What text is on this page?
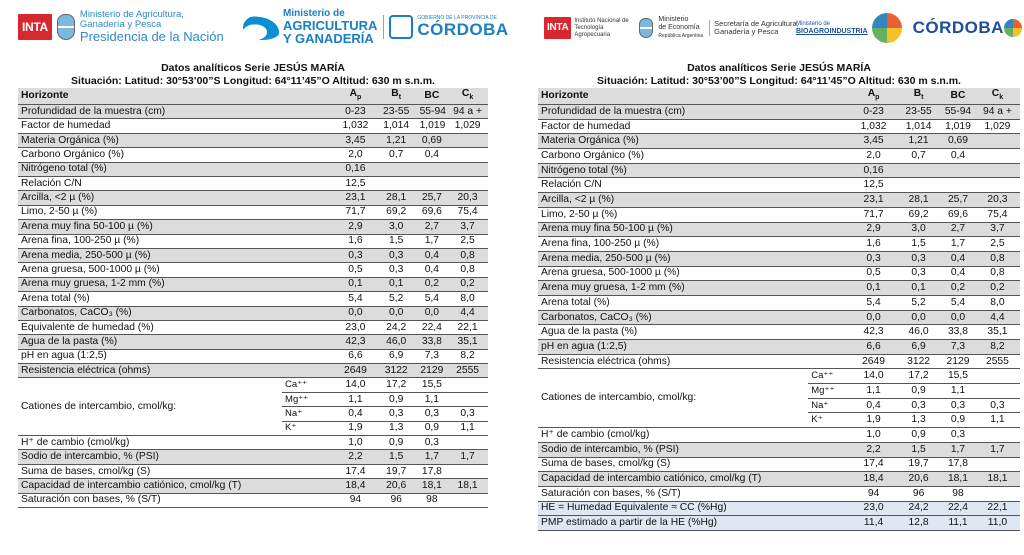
INTA
Ministerio de Agricultura,
Ganadería y Pesca
Presidencia de la Nación
Ministerio de
AGRICULTURA
Y GANADERÍA
GOBIERNO DE LA PROVINCIA DE
CÓRDOBA
Datos analíticos Serie JESÚS MARÍA
Situación: Latitud: 30°53’00”S Longitud: 64°11’45”O Altitud: 630 m s.n.m.
Horizonte		$A_p$	$B_t$	BC	$C_k$
Profundidad de la muestra (cm)		0-23	23-55	55-94	94 a +
Factor de humedad		1,032	1,014	1,019	1,029
Materia Orgánica (%)		3,45	1,21	0,69	
Carbono Orgánico (%)		2,0	0,7	0,4	
Nitrógeno total (%)		0,16			
Relación C/N		12,5			
Arcilla, <2 µ (%)		23,1	28,1	25,7	20,3
Limo, 2-50 µ (%)		71,7	69,2	69,6	75,4
Arena muy fina 50-100 µ (%)		2,9	3,0	2,7	3,7
Arena fina, 100-250 µ (%)		1,6	1,5	1,7	2,5
Arena media, 250-500 µ (%)		0,3	0,3	0,4	0,8
Arena gruesa, 500-1000 µ (%)		0,5	0,3	0,4	0,8
Arena muy gruesa, 1-2 mm (%)		0,1	0,1	0,2	0,2
Arena total (%)		5,4	5,2	5,4	8,0
Carbonatos, CaCO₃ (%)		0,0	0,0	0,0	4,4
Equivalente de humedad (%)		23,0	24,2	22,4	22,1
Agua de la pasta (%)		42,3	46,0	33,8	35,1
pH en agua (1:2,5)		6,6	6,9	7,3	8,2
Resistencia eléctrica (ohms)		2649	3122	2129	2555
Cationes de intercambio, cmol/kg:	Ca⁺⁺	14,0	17,2	15,5	
	Mg⁺⁺	1,1	0,9	1,1	
	Na⁺	0,4	0,3	0,3	0,3
	K⁺	1,9	1,3	0,9	1,1
H⁺ de cambio (cmol/kg)		1,0	0,9	0,3	
Sodio de intercambio, % (PSI)		2,2	1,5	1,7	1,7
Suma de bases, cmol/kg (S)		17,4	19,7	17,8	
Capacidad de intercambio catiónico, cmol/kg (T)		18,4	20,6	18,1	18,1
Saturación con bases, % (S/T)		94	96	98	
INTA
Instituto Nacional de Tecnología Agropecuaria
Ministerio
de Economía
República Argentina
Secretaría de Agricultura,
Ganadería y Pesca
Ministerio de
BIOAGROINDUSTRIA	CÓRDOBA
Datos analíticos Serie JESÚS MARÍA
Situación: Latitud: 30°53’00”S Longitud: 64°11’45”O Altitud: 630 m s.n.m.
Horizonte		$A_p$	$B_t$	BC	$C_k$
Profundidad de la muestra (cm)		0-23	23-55	55-94	94 a +
Factor de humedad		1,032	1,014	1,019	1,029
Materia Orgánica (%)		3,45	1,21	0,69	
Carbono Orgánico (%)		2,0	0,7	0,4	
Nitrógeno total (%)		0,16			
Relación C/N		12,5			
Arcilla, <2 µ (%)		23,1	28,1	25,7	20,3
Limo, 2-50 µ (%)		71,7	69,2	69,6	75,4
Arena muy fina 50-100 µ (%)		2,9	3,0	2,7	3,7
Arena fina, 100-250 µ (%)		1,6	1,5	1,7	2,5
Arena media, 250-500 µ (%)		0,3	0,3	0,4	0,8
Arena gruesa, 500-1000 µ (%)		0,5	0,3	0,4	0,8
Arena muy gruesa, 1-2 mm (%)		0,1	0,1	0,2	0,2
Arena total (%)		5,4	5,2	5,4	8,0
Carbonatos, CaCO₃ (%)		0,0	0,0	0,0	4,4
Agua de la pasta (%)		42,3	46,0	33,8	35,1
pH en agua (1:2,5)		6,6	6,9	7,3	8,2
Resistencia eléctrica (ohms)		2649	3122	2129	2555
Cationes de intercambio, cmol/kg:	Ca⁺⁺	14,0	17,2	15,5	
	Mg⁺⁺	1,1	0,9	1,1	
	Na⁺	0,4	0,3	0,3	0,3
	K⁺	1,9	1,3	0,9	1,1
H⁺ de cambio (cmol/kg)		1,0	0,9	0,3	
Sodio de intercambio, % (PSI)		2,2	1,5	1,7	1,7
Suma de bases, cmol/kg (S)		17,4	19,7	17,8	
Capacidad de intercambio catiónico, cmol/kg (T)		18,4	20,6	18,1	18,1
Saturación con bases, % (S/T)		94	96	98	
HE = Humedad Equivalente ≈ CC (%Hg)		23,0	24,2	22,4	22,1
PMP estimado a partir de la HE (%Hg)		11,4	12,8	11,1	11,0
